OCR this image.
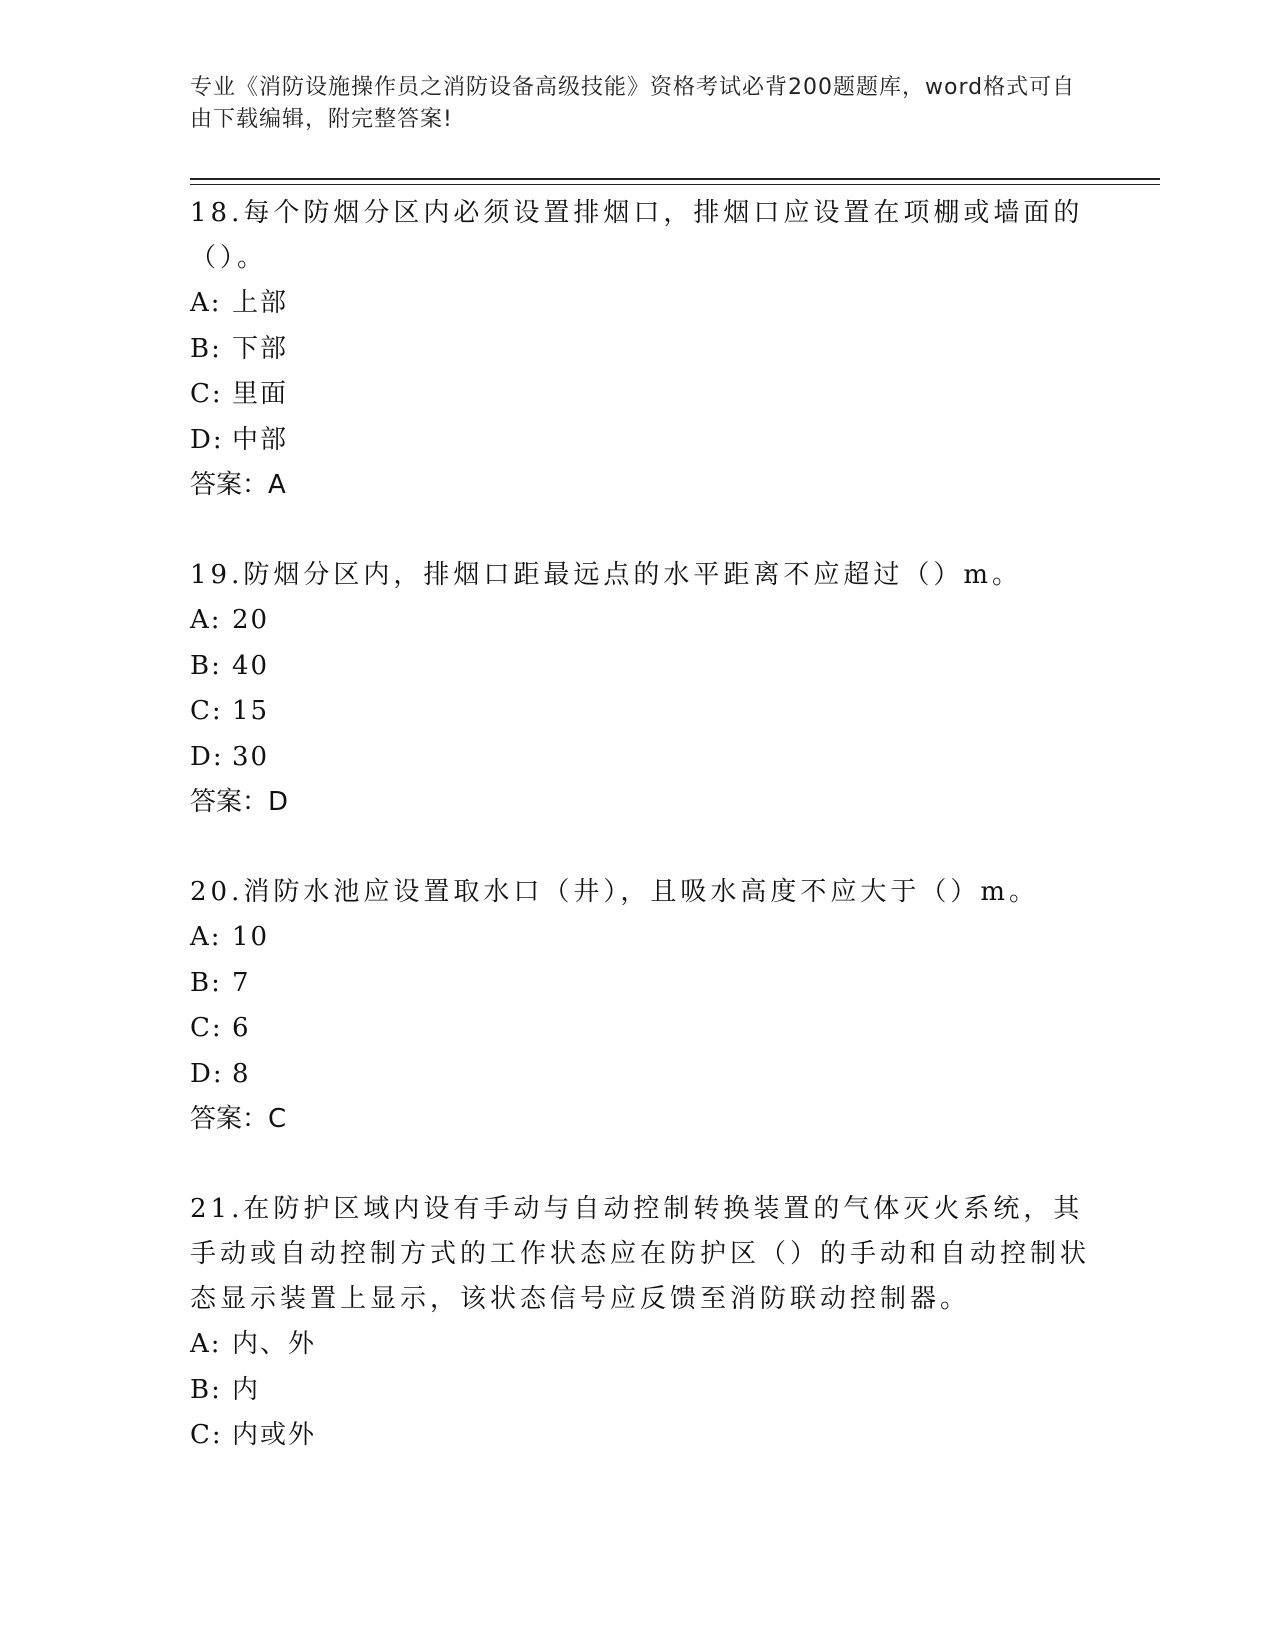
专业《消防设施操作员之消防设备高级技能》资格考试必背200题题库，word格式可自由下载编辑，附完整答案!

18.每个防烟分区内必须设置排烟口，排烟口应设置在项棚或墙面的（）。

A: 上部

B: 下部

C: 里面

D: 中部

答案：A

19.防烟分区内，排烟口距最远点的水平距离不应超过（）m。

A: 20

B: 40

C: 15

D: 30

答案：D

20.消防水池应设置取水口（井），且吸水高度不应大于（）m。

A: 10

B: 7

C: 6

D: 8

答案：C

21.在防护区域内设有手动与自动控制转换装置的气体灭火系统，其手动或自动控制方式的工作状态应在防护区（）的手动和自动控制状态显示装置上显示，该状态信号应反馈至消防联动控制器。

A: 内、外

B: 内

C: 内或外
